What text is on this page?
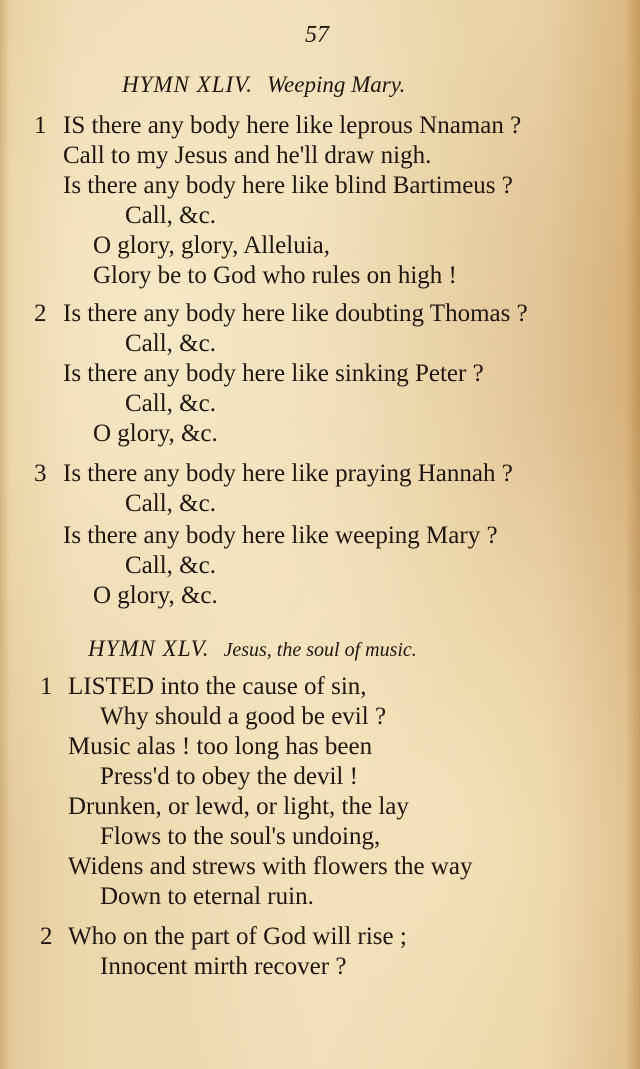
57
HYMN XLIV. Weeping Mary.
1 IS there any body here like leprous Nnaman ?
Call to my Jesus and he'll draw nigh.
Is there any body here like blind Bartimeus ?
Call, &c.
O glory, glory, Alleluia,
Glory be to God who rules on high !
2 Is there any body here like doubting Thomas ?
Call, &c.
Is there any body here like sinking Peter ?
Call, &c.
O glory, &c.
3 Is there any body here like praying Hannah ?
Call, &c.
Is there any body here like weeping Mary ?
Call, &c.
O glory, &c.
HYMN XLV. Jesus, the soul of music.
1 LISTED into the cause of sin,
Why should a good be evil ?
Music alas ! too long has been
Press'd to obey the devil !
Drunken, or lewd, or light, the lay
Flows to the soul's undoing,
Widens and strews with flowers the way
Down to eternal ruin.
2 Who on the part of God will rise ;
Innocent mirth recover ?
